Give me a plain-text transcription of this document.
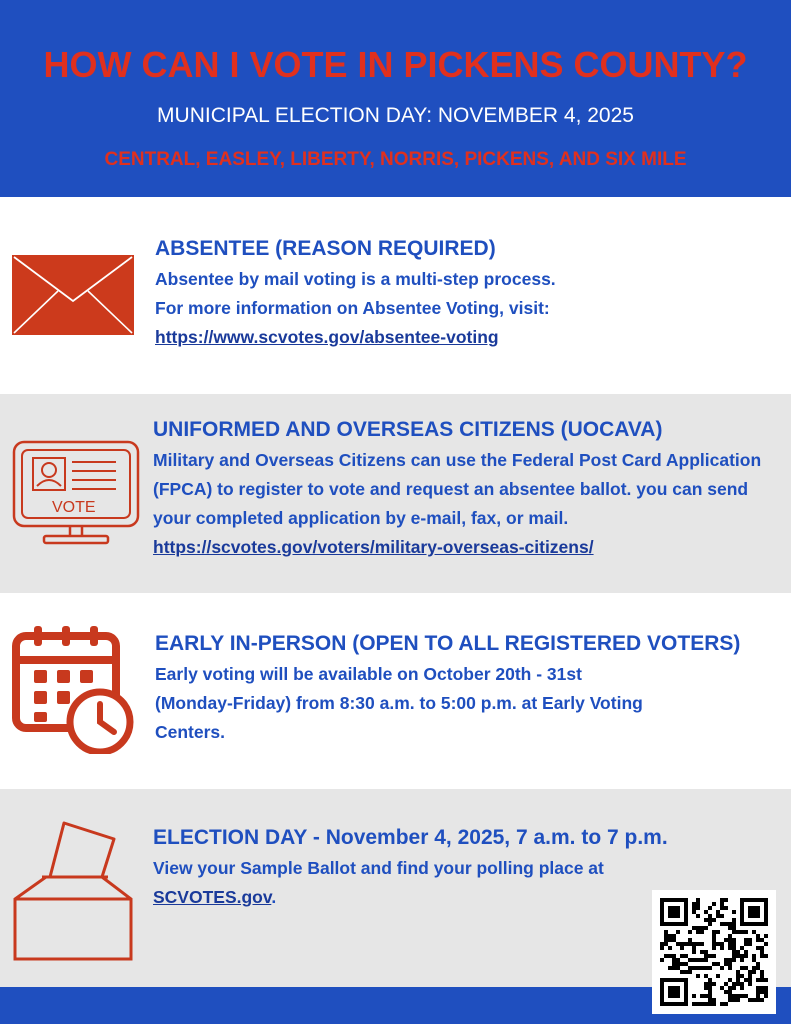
HOW CAN I VOTE IN PICKENS COUNTY?
MUNICIPAL ELECTION DAY: NOVEMBER 4, 2025
CENTRAL, EASLEY, LIBERTY, NORRIS, PICKENS, AND SIX MILE
ABSENTEE (REASON REQUIRED)
Absentee by mail voting is a multi-step process.
For more information on Absentee Voting, visit:
https://www.scvotes.gov/absentee-voting
VOTE
UNIFORMED AND OVERSEAS CITIZENS (UOCAVA)
Military and Overseas Citizens can use the Federal Post Card Application (FPCA) to register to vote and request an absentee ballot. you can send your completed application by e-mail, fax, or mail. https://scvotes.gov/voters/military-overseas-citizens/
EARLY IN-PERSON (OPEN TO ALL REGISTERED VOTERS)
Early voting will be available on October 20th - 31st
(Monday-Friday) from 8:30 a.m. to 5:00 p.m. at Early Voting
Centers.
ELECTION DAY - November 4, 2025, 7 a.m. to 7 p.m.
View your Sample Ballot and find your polling place at
SCVOTES.gov.
